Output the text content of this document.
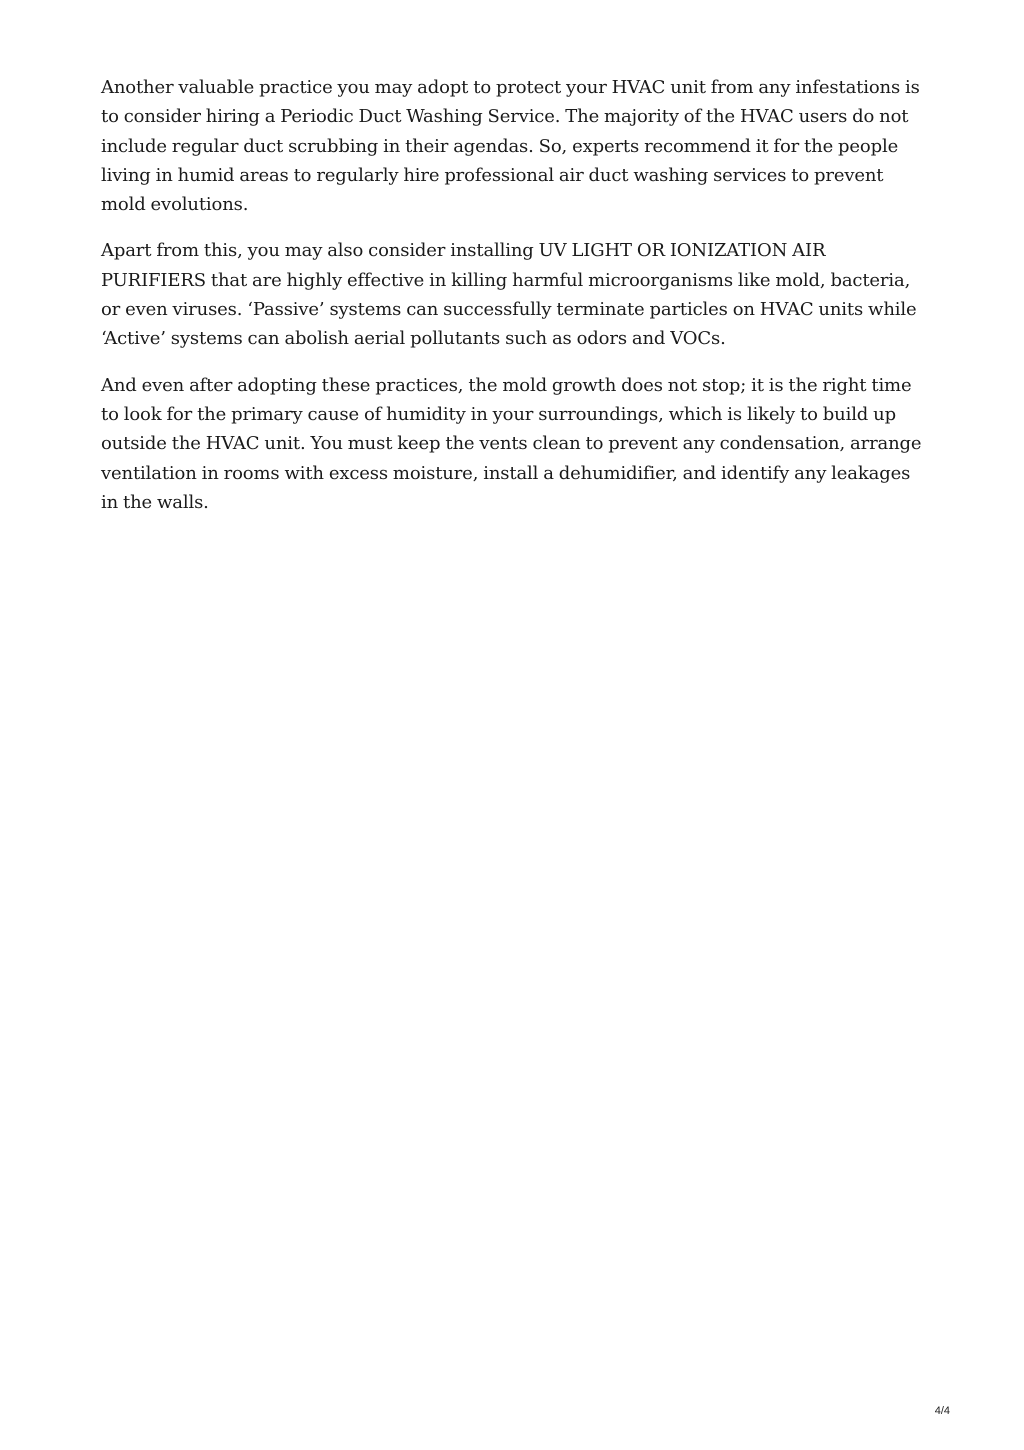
Another valuable practice you may adopt to protect your HVAC unit from any infestations is to consider hiring a Periodic Duct Washing Service. The majority of the HVAC users do not include regular duct scrubbing in their agendas. So, experts recommend it for the people living in humid areas to regularly hire professional air duct washing services to prevent mold evolutions.

Apart from this, you may also consider installing UV LIGHT OR IONIZATION AIR PURIFIERS that are highly effective in killing harmful microorganisms like mold, bacteria, or even viruses. ‘Passive’ systems can successfully terminate particles on HVAC units while ‘Active’ systems can abolish aerial pollutants such as odors and VOCs.

And even after adopting these practices, the mold growth does not stop; it is the right time to look for the primary cause of humidity in your surroundings, which is likely to build up outside the HVAC unit. You must keep the vents clean to prevent any condensation, arrange ventilation in rooms with excess moisture, install a dehumidifier, and identify any leakages in the walls.

4/4
